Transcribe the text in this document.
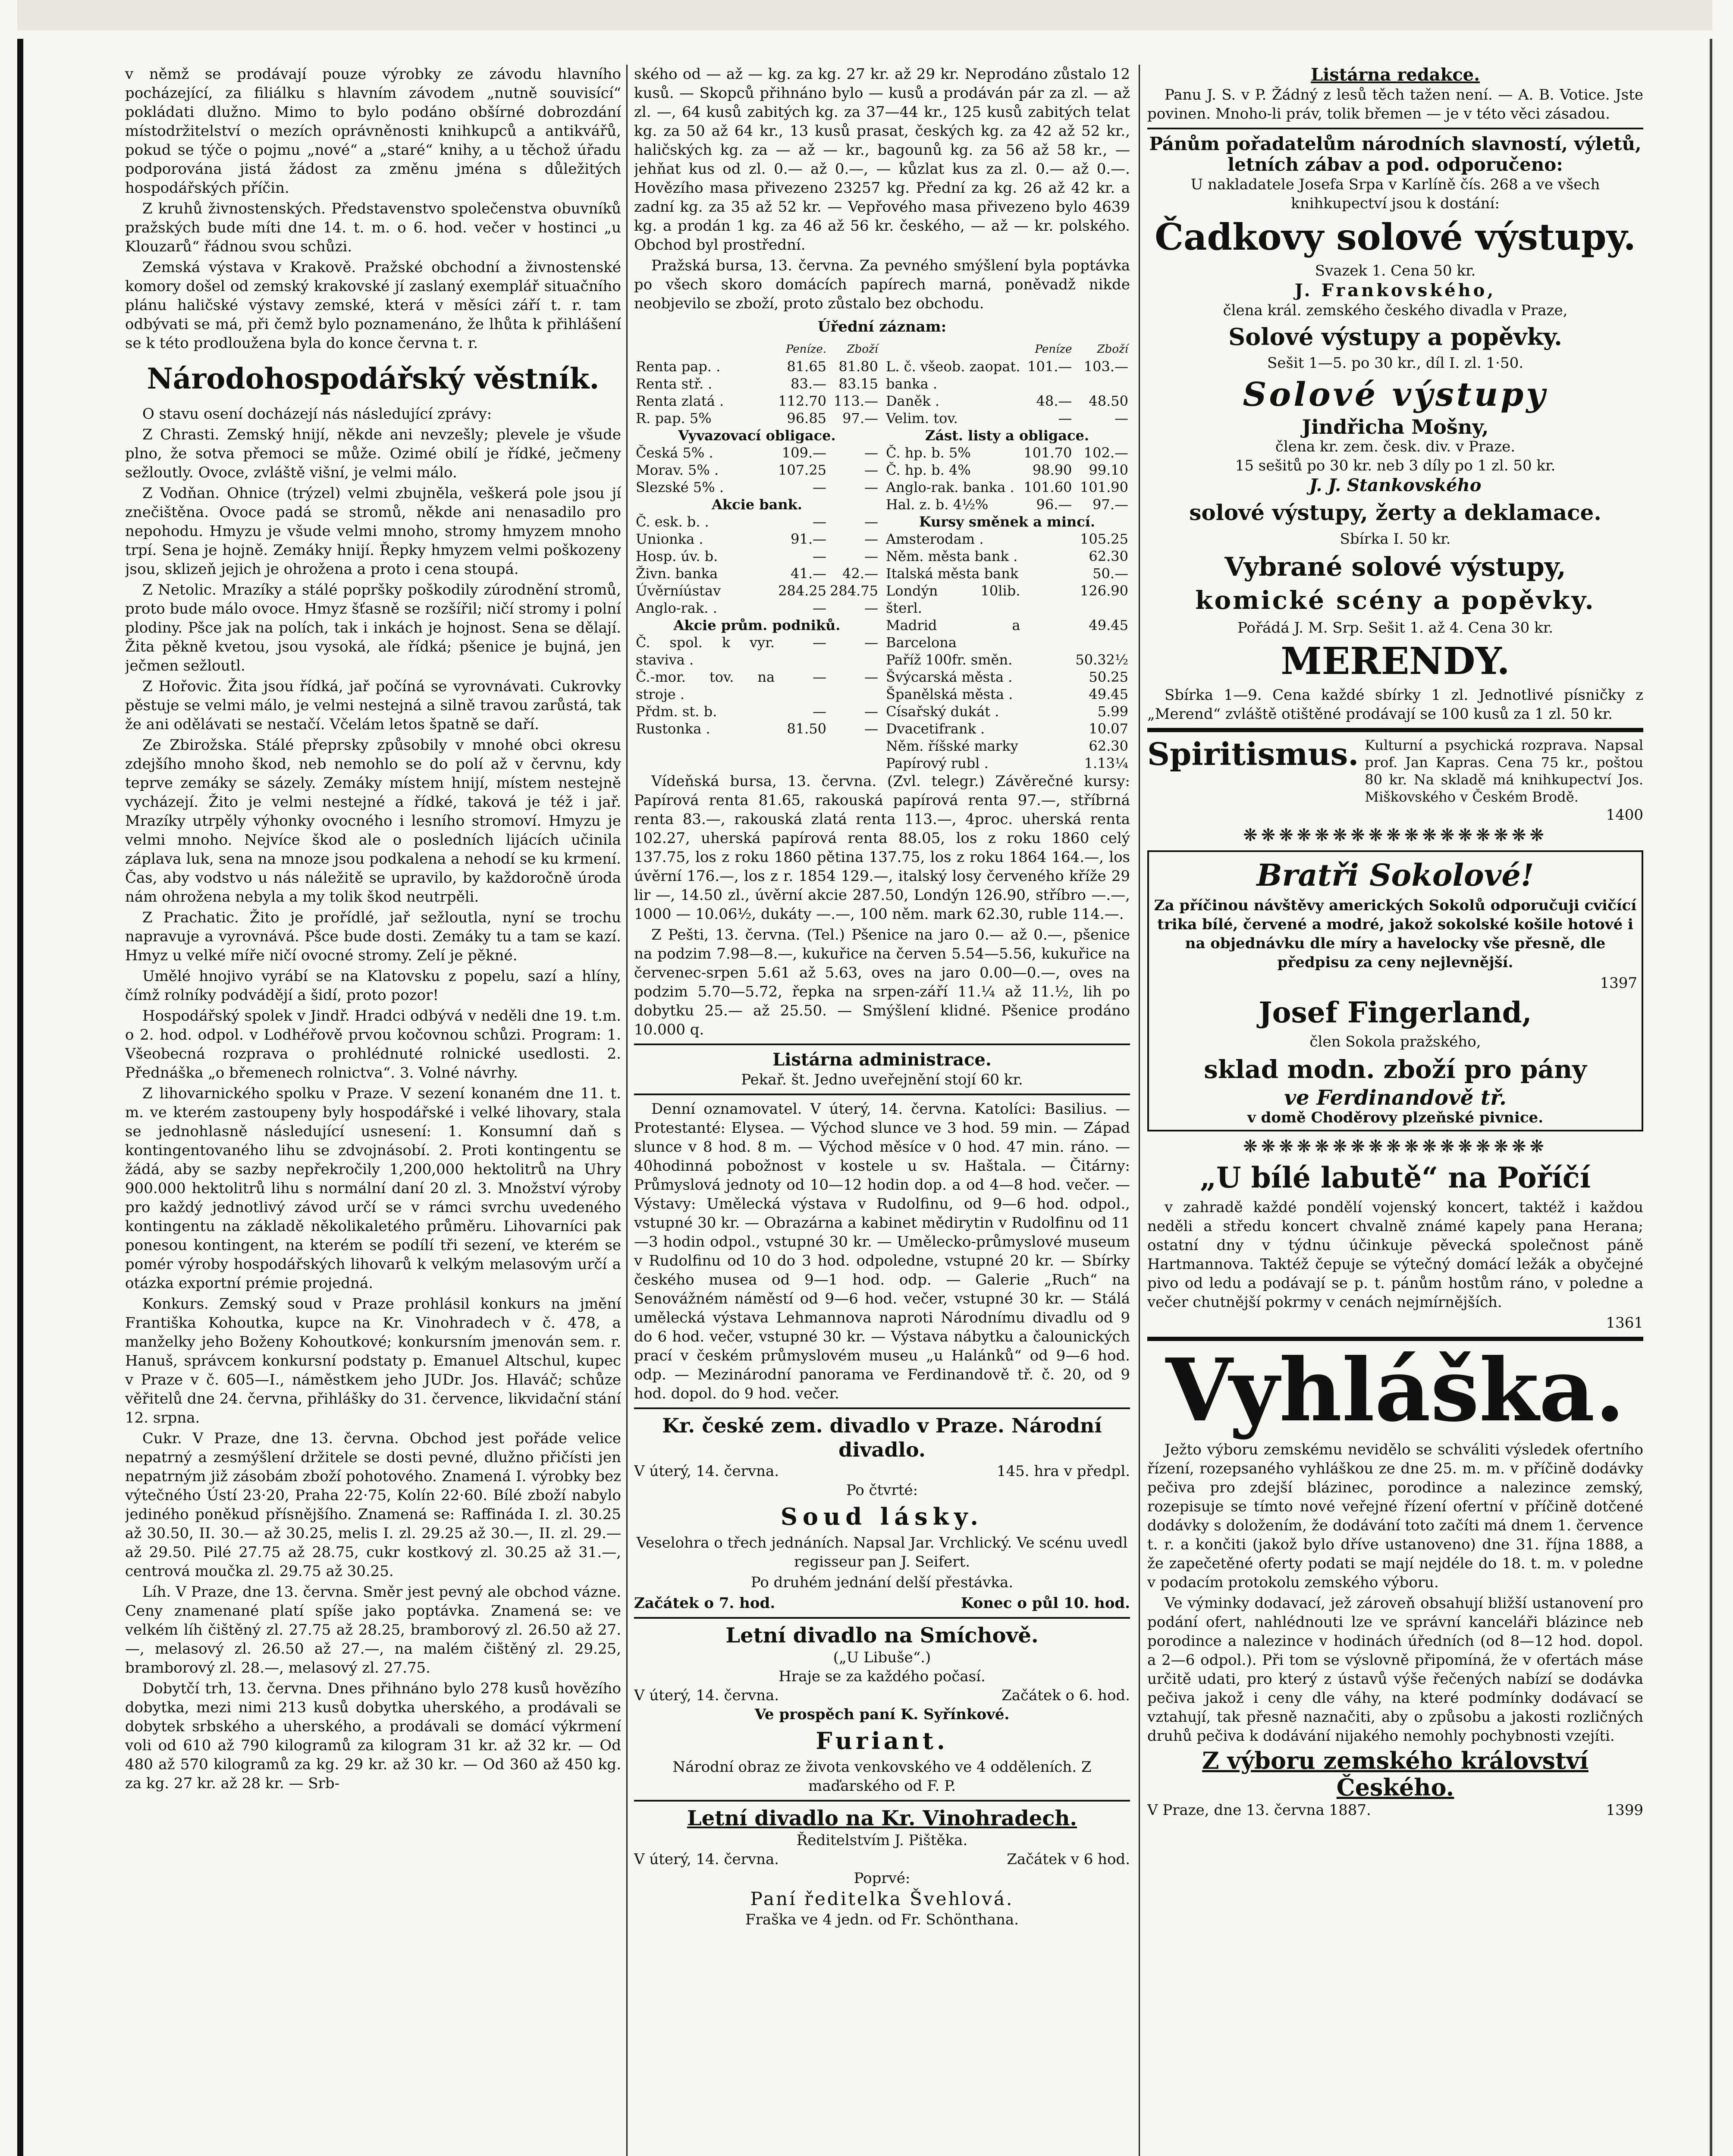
v němž se prodávají pouze výrobky ze závodu hlavního pocházející, za filiálku s hlavním závodem „nutně souvisící“ pokládati dlužno. Mimo to bylo podáno obšírné dobrozdání místodržitelství o mezích oprávněnosti knihkupců a antikvářů, pokud se týče o pojmu „nové“ a „staré“ knihy, a u těchož úřadu podporována jistá žádost za změnu jména s důležitých hospodářských příčin.

Z kruhů živnostenských. Představenstvo společenstva obuvníků pražských bude míti dne 14. t. m. o 6. hod. večer v hostinci „u Klouzarů“ řádnou svou schůzi.

Zemská výstava v Krakově. Pražské obchodní a živnostenské komory došel od zemský krakovské jí zaslaný exemplář situačního plánu haličské výstavy zemské, která v měsíci září t. r. tam odbývati se má, při čemž bylo poznamenáno, že lhůta k přihlášení se k této prodloužena byla do konce června t. r.

Národohospodářský věstník.

O stavu osení docházejí nás následující zprávy:

Z Chrasti. Zemský hnijí, někde ani nevzešly; plevele je všude plno, že sotva přemoci se může. Ozimé obilí je řídké, ječmeny sežloutly. Ovoce, zvláště višní, je velmi málo.

Z Vodňan. Ohnice (trýzel) velmi zbujněla, veškerá pole jsou jí znečištěna. Ovoce padá se stromů, někde ani nenasadilo pro nepohodu. Hmyzu je všude velmi mnoho, stromy hmyzem mnoho trpí. Sena je hojně. Zemáky hnijí. Řepky hmyzem velmi poškozeny jsou, sklizeň jejich je ohrožena a proto i cena stoupá.

Z Netolic. Mrazíky a stálé popršky poškodily zúrodnění stromů, proto bude málo ovoce. Hmyz šťasně se rozšířil; ničí stromy i polní plodiny. Pšce jak na polích, tak i inkách je hojnost. Sena se dělají. Žita pěkně kvetou, jsou vysoká, ale řídká; pšenice je bujná, jen ječmen sežloutl.

Z Hořovic. Žita jsou řídká, jař počíná se vyrovnávati. Cukrovky pěstuje se velmi málo, je velmi nestejná a silně travou zarůstá, tak že ani odělávati se nestačí. Včelám letos špatně se daří.

Ze Zbirožska. Stálé přeprsky způsobily v mnohé obci okresu zdejšího mnoho škod, neb nemohlo se do polí až v červnu, kdy teprve zemáky se sázely. Zemáky místem hnijí, místem nestejně vycházejí. Žito je velmi nestejné a řídké, taková je též i jař. Mrazíky utrpěly výhonky ovocného i lesního stromoví. Hmyzu je velmi mnoho. Nejvíce škod ale o posledních lijácích učinila záplava luk, sena na mnoze jsou podkalena a nehodí se ku krmení. Čas, aby vodstvo u nás náležitě se upravilo, by každoročně úroda nám ohrožena nebyla a my tolik škod neutrpěli.

Z Prachatic. Žito je prořídlé, jař sežloutla, nyní se trochu napravuje a vyrovnává. Pšce bude dosti. Zemáky tu a tam se kazí. Hmyz u velké míře ničí ovocné stromy. Zelí je pěkné.

Umělé hnojivo vyrábí se na Klatovsku z popelu, sazí a hlíny, čímž rolníky podvádějí a šidí, proto pozor!

Hospodářský spolek v Jindř. Hradci odbývá v neděli dne 19. t.m. o 2. hod. odpol. v Lodhéřově prvou kočovnou schůzi. Program: 1. Všeobecná rozprava o prohlédnuté rolnické usedlosti. 2. Přednáška „o břemenech rolnictva“. 3. Volné návrhy.

Z lihovarnického spolku v Praze. V sezení konaném dne 11. t. m. ve kterém zastoupeny byly hospodářské i velké lihovary, stala se jednohlasně následující usnesení: 1. Konsumní daň s kontingentovaného lihu se zdvojnásobí. 2. Proti kontingentu se žádá, aby se sazby nepřekročily 1,200,000 hektolitrů na Uhry 900.000 hektolitrů lihu s normální daní 20 zl. 3. Množství výroby pro každý jednotlivý závod určí se v rámci svrchu uvedeného kontingentu na základě několikaletého průměru. Lihovarníci pak ponesou kontingent, na kterém se podílí tři sezení, ve kterém se pomér výroby hospodářských lihovarů k velkým melasovým určí a otázka exportní prémie projedná.

Konkurs. Zemský soud v Praze prohlásil konkurs na jmění Františka Kohoutka, kupce na Kr. Vinohradech v č. 478, a manželky jeho Boženy Kohoutkové; konkursním jmenován sem. r. Hanuš, správcem konkursní podstaty p. Emanuel Altschul, kupec v Praze v č. 605—I., náměstkem jeho JUDr. Jos. Hlaváč; schůze věřitelů dne 24. června, přihlášky do 31. července, likvidační stání 12. srpna.

Cukr. V Praze, dne 13. června. Obchod jest pořáde velice nepatrný a zesmýšlení držitele se dosti pevné, dlužno přičísti jen nepatrným již zásobám zboží pohotového. Znamená I. výrobky bez výtečného Ústí 23·20, Praha 22·75, Kolín 22·60. Bílé zboží nabylo jediného poněkud přísnějšího. Znamená se: Raffináda I. zl. 30.25 až 30.50, II. 30.— až 30.25, melis I. zl. 29.25 až 30.—, II. zl. 29.— až 29.50. Pilé 27.75 až 28.75, cukr kostkový zl. 30.25 až 31.—, centrová moučka zl. 29.75 až 30.25.

Líh. V Praze, dne 13. června. Směr jest pevný ale obchod vázne. Ceny znamenané platí spíše jako poptávka. Znamená se: ve velkém líh čištěný zl. 27.75 až 28.25, bramborový zl. 26.50 až 27.—, melasový zl. 26.50 až 27.—, na malém čištěný zl. 29.25, bramborový zl. 28.—, melasový zl. 27.75.

Dobytčí trh, 13. června. Dnes přihnáno bylo 278 kusů hovězího dobytka, mezi nimi 213 kusů dobytka uherského, a prodávali se dobytek srbského a uherského, a prodávali se domácí výkrmení voli od 610 až 790 kilogramů za kilogram 31 kr. až 32 kr. — Od 480 až 570 kilogramů za kg. 29 kr. až 30 kr. — Od 360 až 450 kg. za kg. 27 kr. až 28 kr. — Srb-

ského od — až — kg. za kg. 27 kr. až 29 kr. Neprodáno zůstalo 12 kusů. — Skopců přihnáno bylo — kusů a prodáván pár za zl. — až zl. —, 64 kusů zabitých kg. za 37—44 kr., 125 kusů zabitých telat kg. za 50 až 64 kr., 13 kusů prasat, českých kg. za 42 až 52 kr., haličských kg. za — až — kr., bagounů kg. za 56 až 58 kr., — jehňat kus od zl. 0.— až 0.—, — kůzlat kus za zl. 0.— až 0.—. Hovězího masa přivezeno 23257 kg. Přední za kg. 26 až 42 kr. a zadní kg. za 35 až 52 kr. — Vepřového masa přivezeno bylo 4639 kg. a prodán 1 kg. za 46 až 56 kr. českého, — až — kr. polského. Obchod byl prostřední.

Pražská bursa, 13. června. Za pevného smýšlení byla poptávka po všech skoro domácích papírech marná, poněvadž nikde neobjevilo se zboží, proto zůstalo bez obchodu.

Úřední záznam:
	Peníze.	Zboží
Renta pap. .	81.65	81.80
Renta stř. .	83.—	83.15
Renta zlatá .	112.70	113.—
R. pap. 5%	96.85	97.—
Vyvazovací obligace.		
Česká 5% .	109.—	—
Morav. 5% .	107.25	—
Slezské 5% .	—	—
Akcie bank.		
Č. esk. b. .	—	—
Unionka .	91.—	—
Hosp. úv. b.	—	—
Živn. banka	41.—	42.—
Úvěrníústav	284.25	284.75
Anglo-rak. .	—	—
Akcie prům. podniků.		
Č. spol. k vyr. staviva .	—	—
Č.-mor. tov. na stroje .	—	—
Přdm. st. b.	—	—
Rustonka .	81.50	—
	Peníze	Zboží
L. č. všeob. zaopat. banka .	101.—	103.—
Daněk .	48.—	48.50
Velim. tov.	—	—
Zást. listy a obligace.		
Č. hp. b. 5%	101.70	102.—
Č. hp. b. 4%	98.90	99.10
Anglo-rak. banka .	101.60	101.90
Hal. z. b. 4½%	96.—	97.—
Kursy směnek a mincí.		
Amsterodam .		105.25
Něm. města bank .		62.30
Italská města bank		50.—
Londýn 10lib. šterl.		126.90
Madrid a Barcelona		49.45
Paříž 100fr. směn.		50.32½
Švýcarská města .		50.25
Španělská města .		49.45
Císařský dukát .		5.99
Dvacetifrank .		10.07
Něm. říšské marky		62.30
Papírový rubl .		1.13¼

Vídeňská bursa, 13. června. (Zvl. telegr.) Závěrečné kursy: Papírová renta 81.65, rakouská papírová renta 97.—, stříbrná renta 83.—, rakouská zlatá renta 113.—, 4proc. uherská renta 102.27, uherská papírová renta 88.05, los z roku 1860 celý 137.75, los z roku 1860 pětina 137.75, los z roku 1864 164.—, los úvěrní 176.—, los z r. 1854 129.—, italský losy červeného kříže 29 lir —, 14.50 zl., úvěrní akcie 287.50, Londýn 126.90, stříbro —.—, 1000 — 10.06½, dukáty —.—, 100 něm. mark 62.30, ruble 114.—.

Z Pešti, 13. června. (Tel.) Pšenice na jaro 0.— až 0.—, pšenice na podzim 7.98—8.—, kukuřice na červen 5.54—5.56, kukuřice na červenec-srpen 5.61 až 5.63, oves na jaro 0.00—0.—, oves na podzim 5.70—5.72, řepka na srpen-září 11.¼ až 11.½, lih po dobytku 25.— až 25.50. — Smýšlení klidné. Pšenice prodáno 10.000 q.

Listárna administrace.

Pekař. št. Jedno uveřejnění stojí 60 kr.

Denní oznamovatel. V úterý, 14. června. Katolíci: Basilius. — Protestanté: Elysea. — Východ slunce ve 3 hod. 59 min. — Západ slunce v 8 hod. 8 m. — Východ měsíce v 0 hod. 47 min. ráno. — 40hodinná pobožnost v kostele u sv. Haštala. — Čitárny: Průmyslová jednoty od 10—12 hodin dop. a od 4—8 hod. večer. — Výstavy: Umělecká výstava v Rudolfinu, od 9—6 hod. odpol., vstupné 30 kr. — Obrazárna a kabinet mědirytin v Rudolfinu od 11—3 hodin odpol., vstupné 30 kr. — Umělecko-průmyslové museum v Rudolfinu od 10 do 3 hod. odpoledne, vstupné 20 kr. — Sbírky českého musea od 9—1 hod. odp. — Galerie „Ruch“ na Senovážném náměstí od 9—6 hod. večer, vstupné 30 kr. — Stálá umělecká výstava Lehmannova naproti Národnímu divadlu od 9 do 6 hod. večer, vstupné 30 kr. — Výstava nábytku a čalounických prací v českém průmyslovém museu „u Halánků“ od 9—6 hod. odp. — Mezinárodní panorama ve Ferdinandově tř. č. 20, od 9 hod. dopol. do 9 hod. večer.

Kr. české zem. divadlo v Praze. Národní divadlo.
V úterý, 14. června.	145. hra v předpl.
Po čtvrté:
Soud lásky.

Veselohra o třech jednáních. Napsal Jar. Vrchlický. Ve scénu uvedl regisseur pan J. Seifert.

Po druhém jednání delší přestávka.

Začátek o 7. hod.	Konec o půl 10. hod.
Letní divadlo na Smíchově.
(„U Libuše“.)
Hraje se za každého počasí.
V úterý, 14. června.	Začátek o 6. hod.
Ve prospěch paní K. Syřínkové.
Furiant.

Národní obraz ze života venkovského ve 4 odděleních. Z maďarského od F. P.

Letní divadlo na Kr. Vinohradech.
Ředitelstvím J. Pištěka.
V úterý, 14. června.	Začátek v 6 hod.
Poprvé:
Paní ředitelka Švehlová.
Fraška ve 4 jedn. od Fr. Schönthana.
Listárna redakce.

Panu J. S. v P. Žádný z lesů těch tažen není. — A. B. Votice. Jste povinen. Mnoho-li práv, tolik břemen — je v této věci zásadou.

Pánům pořadatelům národních slavností, výletů, letních zábav a pod. odporučeno:

U nakladatele Josefa Srpa v Karlíně čís. 268 a ve všech knihkupectví jsou k dostání:

Čadkovy solové výstupy.
Svazek 1. Cena 50 kr.
J. Frankovského,
člena král. zemského českého divadla v Praze,
Solové výstupy a popěvky.
Sešit 1—5. po 30 kr., díl I. zl. 1·50.
Solové výstupy
Jindřicha Mošny,
člena kr. zem. česk. div. v Praze.
15 sešitů po 30 kr. neb 3 díly po 1 zl. 50 kr.
J. J. Stankovského
solové výstupy, žerty a deklamace.
Sbírka I. 50 kr.
Vybrané solové výstupy,
komické scény a popěvky.
Pořádá J. M. Srp. Sešit 1. až 4. Cena 30 kr.
MERENDY.

Sbírka 1—9. Cena každé sbírky 1 zl. Jednotlivé písničky z „Merend“ zvláště otištěné prodávají se 100 kusů za 1 zl. 50 kr.

Spiritismus. Kulturní a psychická rozprava. Napsal prof. Jan Kapras. Cena 75 kr., poštou 80 kr. Na skladě má knihkupectví Jos. Miškovského v Českém Brodě.
1400
❋❋❋❋❋❋❋❋❋❋❋❋❋❋❋❋❋
Bratři Sokolové!

Za příčinou návštěvy amerických Sokolů odporučuji cvičící trika bílé, červené a modré, jakož sokolské košile hotové i na objednávku dle míry a havelocky vše přesně, dle předpisu za ceny nejlevnější.

1397
Josef Fingerland,
člen Sokola pražského,
sklad modn. zboží pro pány
ve Ferdinandově tř.
v domě Choděrovy plzeňské pivnice.
❋❋❋❋❋❋❋❋❋❋❋❋❋❋❋❋❋
„U bílé labutě“ na Poříčí

v zahradě každé pondělí vojenský koncert, taktéž i každou neděli a středu koncert chvalně známé kapely pana Herana; ostatní dny v týdnu účinkuje pěvecká společnost páně Hartmannova. Taktéž čepuje se výtečný domácí ležák a obyčejné pivo od ledu a podávají se p. t. pánům hostům ráno, v poledne a večer chutnější pokrmy v cenách nejmírnějších.

1361
Vyhláška.

Ježto výboru zemskému nevidělo se schváliti výsledek ofertního řízení, rozepsaného vyhláškou ze dne 25. m. m. v příčině dodávky pečiva pro zdejší blázinec, porodince a nalezince zemský, rozepisuje se tímto nové veřejné řízení ofertní v příčině dotčené dodávky s doložením, že dodávání toto začíti má dnem 1. července t. r. a končiti (jakož bylo dříve ustanoveno) dne 31. října 1888, a že zapečetěné oferty podati se mají nejdéle do 18. t. m. v poledne v podacím protokolu zemského výboru.

Ve výminky dodavací, jež zároveň obsahují bližší ustanovení pro podání ofert, nahlédnouti lze ve správní kanceláři blázince neb porodince a nalezince v hodinách úředních (od 8—12 hod. dopol. a 2—6 odpol.). Při tom se výslovně připomíná, že v ofertách máse určitě udati, pro který z ústavů výše řečených nabízí se dodávka pečiva jakož i ceny dle váhy, na které podmínky dodávací se vztahují, tak přesně naznačiti, aby o způsobu a jakosti rozličných druhů pečiva k dodávání nijakého nemohly pochybnosti vzejíti.

Z výboru zemského království Českého.
V Praze, dne 13. června 1887.	1399
